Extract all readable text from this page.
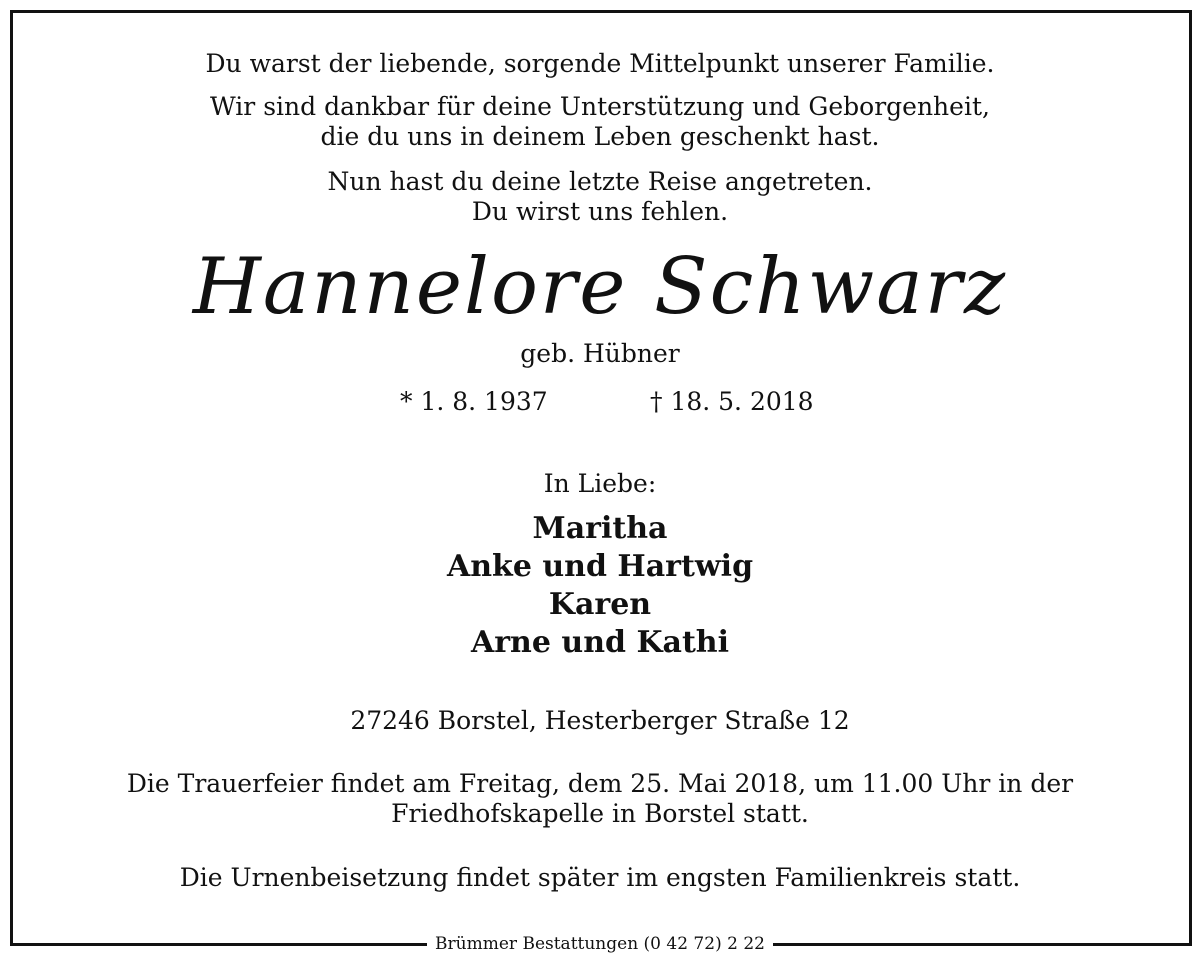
Du warst der liebende, sorgende Mittelpunkt unserer Familie.
Wir sind dankbar für deine Unterstützung und Geborgenheit,
die du uns in deinem Leben geschenkt hast.
Nun hast du deine letzte Reise angetreten.
Du wirst uns fehlen.
Hannelore Schwarz
geb. Hübner
* 1. 8. 1937	† 18. 5. 2018
In Liebe:
Maritha
Anke und Hartwig
Karen
Arne und Kathi
27246 Borstel, Hesterberger Straße 12
Die Trauerfeier findet am Freitag, dem 25. Mai 2018, um 11.00 Uhr in der
Friedhofskapelle in Borstel statt.
Die Urnenbeisetzung findet später im engsten Familienkreis statt.
Brümmer Bestattungen (0 42 72) 2 22
